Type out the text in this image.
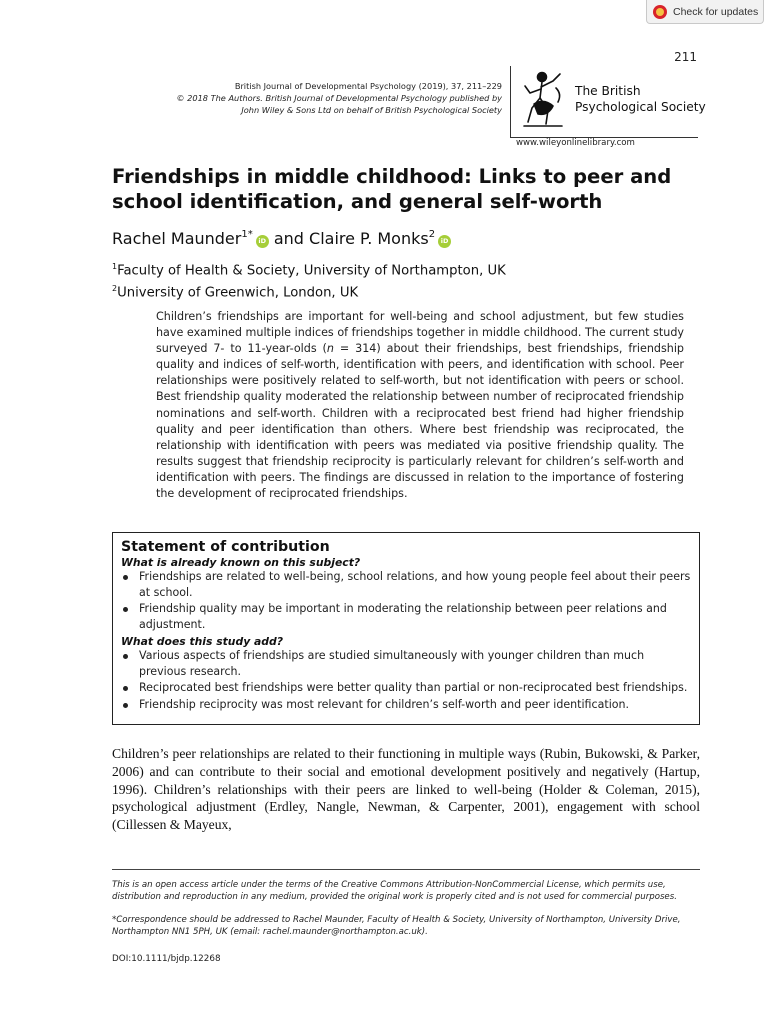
Check for updates
211
British Journal of Developmental Psychology (2019), 37, 211–229
© 2018 The Authors. British Journal of Developmental Psychology published by
John Wiley & Sons Ltd on behalf of British Psychological Society
The British
Psychological Society
www.wileyonlinelibrary.com
Friendships in middle childhood: Links to peer and school identification, and general self-worth
Rachel Maunder$^{1*}$iD and Claire P. Monks$^2$iD
$^1$Faculty of Health & Society, University of Northampton, UK
$^2$University of Greenwich, London, UK

Children’s friendships are important for well-being and school adjustment, but few studies have examined multiple indices of friendships together in middle childhood. The current study surveyed 7- to 11-year-olds (n = 314) about their friendships, best friendships, friendship quality and indices of self-worth, identification with peers, and identification with school. Peer relationships were positively related to self-worth, but not identification with peers or school. Best friendship quality moderated the relationship between number of reciprocated friendship nominations and self-worth. Children with a reciprocated best friend had higher friendship quality and peer identification than others. Where best friendship was reciprocated, the relationship with identification with peers was mediated via positive friendship quality. The results suggest that friendship reciprocity is particularly relevant for children’s self-worth and identification with peers. The findings are discussed in relation to the importance of fostering the development of reciprocated friendships.

Statement of contribution
What is already known on this subject?
Friendships are related to well-being, school relations, and how young people feel about their peers at school.
Friendship quality may be important in moderating the relationship between peer relations and adjustment.
What does this study add?
Various aspects of friendships are studied simultaneously with younger children than much previous research.
Reciprocated best friendships were better quality than partial or non-reciprocated best friendships.
Friendship reciprocity was most relevant for children’s self-worth and peer identification.

Children’s peer relationships are related to their functioning in multiple ways (Rubin, Bukowski, & Parker, 2006) and can contribute to their social and emotional development positively and negatively (Hartup, 1996). Children’s relationships with their peers are linked to well-being (Holder & Coleman, 2015), psychological adjustment (Erdley, Nangle, Newman, & Carpenter, 2001), engagement with school (Cillessen & Mayeux,

This is an open access article under the terms of the Creative Commons Attribution-NonCommercial License, which permits use, distribution and reproduction in any medium, provided the original work is properly cited and is not used for commercial purposes.

*Correspondence should be addressed to Rachel Maunder, Faculty of Health & Society, University of Northampton, University Drive, Northampton NN1 5PH, UK (email: rachel.maunder@northampton.ac.uk).

DOI:10.1111/bjdp.12268
